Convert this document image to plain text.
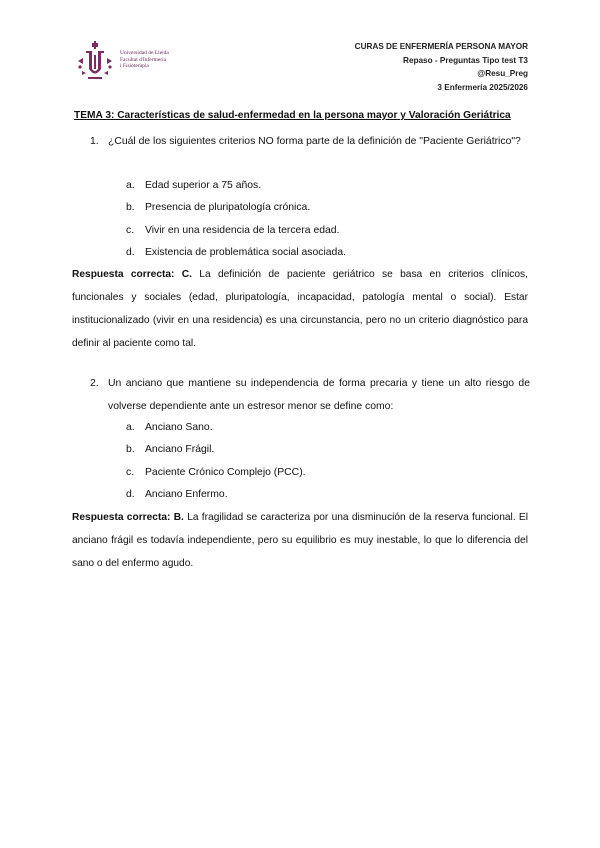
Universidad de Lleida
Facultat d'Infermeria
i Fisioteràpia
CURAS DE ENFERMERÍA PERSONA MAYOR
Repaso - Preguntas Tipo test T3
@Resu_Preg
3 Enfermería 2025/2026
TEMA 3: Características de salud-enfermedad en la persona mayor y Valoración Geriátrica
1. ¿Cuál de los siguientes criterios NO forma parte de la definición de "Paciente Geriátrico"?
a. Edad superior a 75 años.
b. Presencia de pluripatología crónica.
c. Vivir en una residencia de la tercera edad.
d. Existencia de problemática social asociada.
Respuesta correcta: C. La definición de paciente geriátrico se basa en criterios clínicos, funcionales y sociales (edad, pluripatología, incapacidad, patología mental o social). Estar institucionalizado (vivir en una residencia) es una circunstancia, pero no un criterio diagnóstico para definir al paciente como tal.
2. Un anciano que mantiene su independencia de forma precaria y tiene un alto riesgo de volverse dependiente ante un estresor menor se define como:
a. Anciano Sano.
b. Anciano Frágil.
c. Paciente Crónico Complejo (PCC).
d. Anciano Enfermo.
Respuesta correcta: B. La fragilidad se caracteriza por una disminución de la reserva funcional. El anciano frágil es todavía independiente, pero su equilibrio es muy inestable, lo que lo diferencia del sano o del enfermo agudo.
